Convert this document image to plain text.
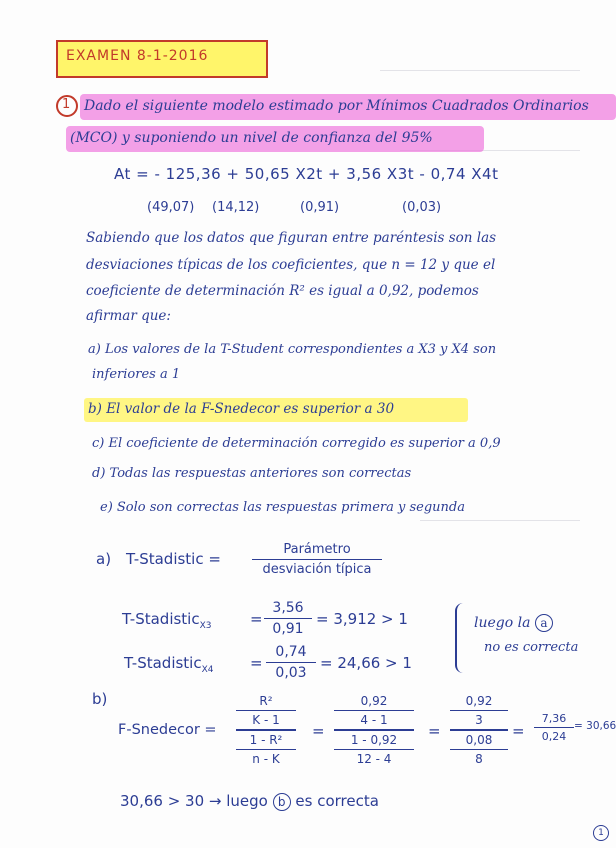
EXAMEN 8-1-2016
1 Dado el siguiente modelo estimado por Mínimos Cuadrados Ordinarios
(MCO) y suponiendo un nivel de confianza del 95%
At = - 125,36 + 50,65 X2t + 3,56 X3t - 0,74 X4t
(49,07) (14,12)	(0,91)	(0,03)
Sabiendo que los datos que figuran entre paréntesis son las
desviaciones típicas de los coeficientes, que n = 12 y que el
coeficiente de determinación R² es igual a 0,92, podemos
afirmar que:
a) Los valores de la T-Student correspondientes a X3 y X4 son
inferiores a 1
b) El valor de la F-Snedecor es superior a 30
c) El coeficiente de determinación corregido es superior a 0,9
d) Todas las respuestas anteriores son correctas
e) Solo son correctas las respuestas primera y segunda
a) T-Stadistic =
Parámetro
desviación típica
T-Stadistic$_{X3}$	=
3,56
0,91
= 3,912 > 1
T-Stadistic$_{X4}$ =
0,74
0,03
= 24,66 > 1
luego la a
no es correcta
b)
F-Snedecor =
R²
K - 1
1 - R²
n - K
=
0,92
4 - 1
1 - 0,92
12 - 4
=
0,92
3
0,08
8
=
7,36
0,24
= 30,66
30,66 > 30 → luego b es correcta
1
